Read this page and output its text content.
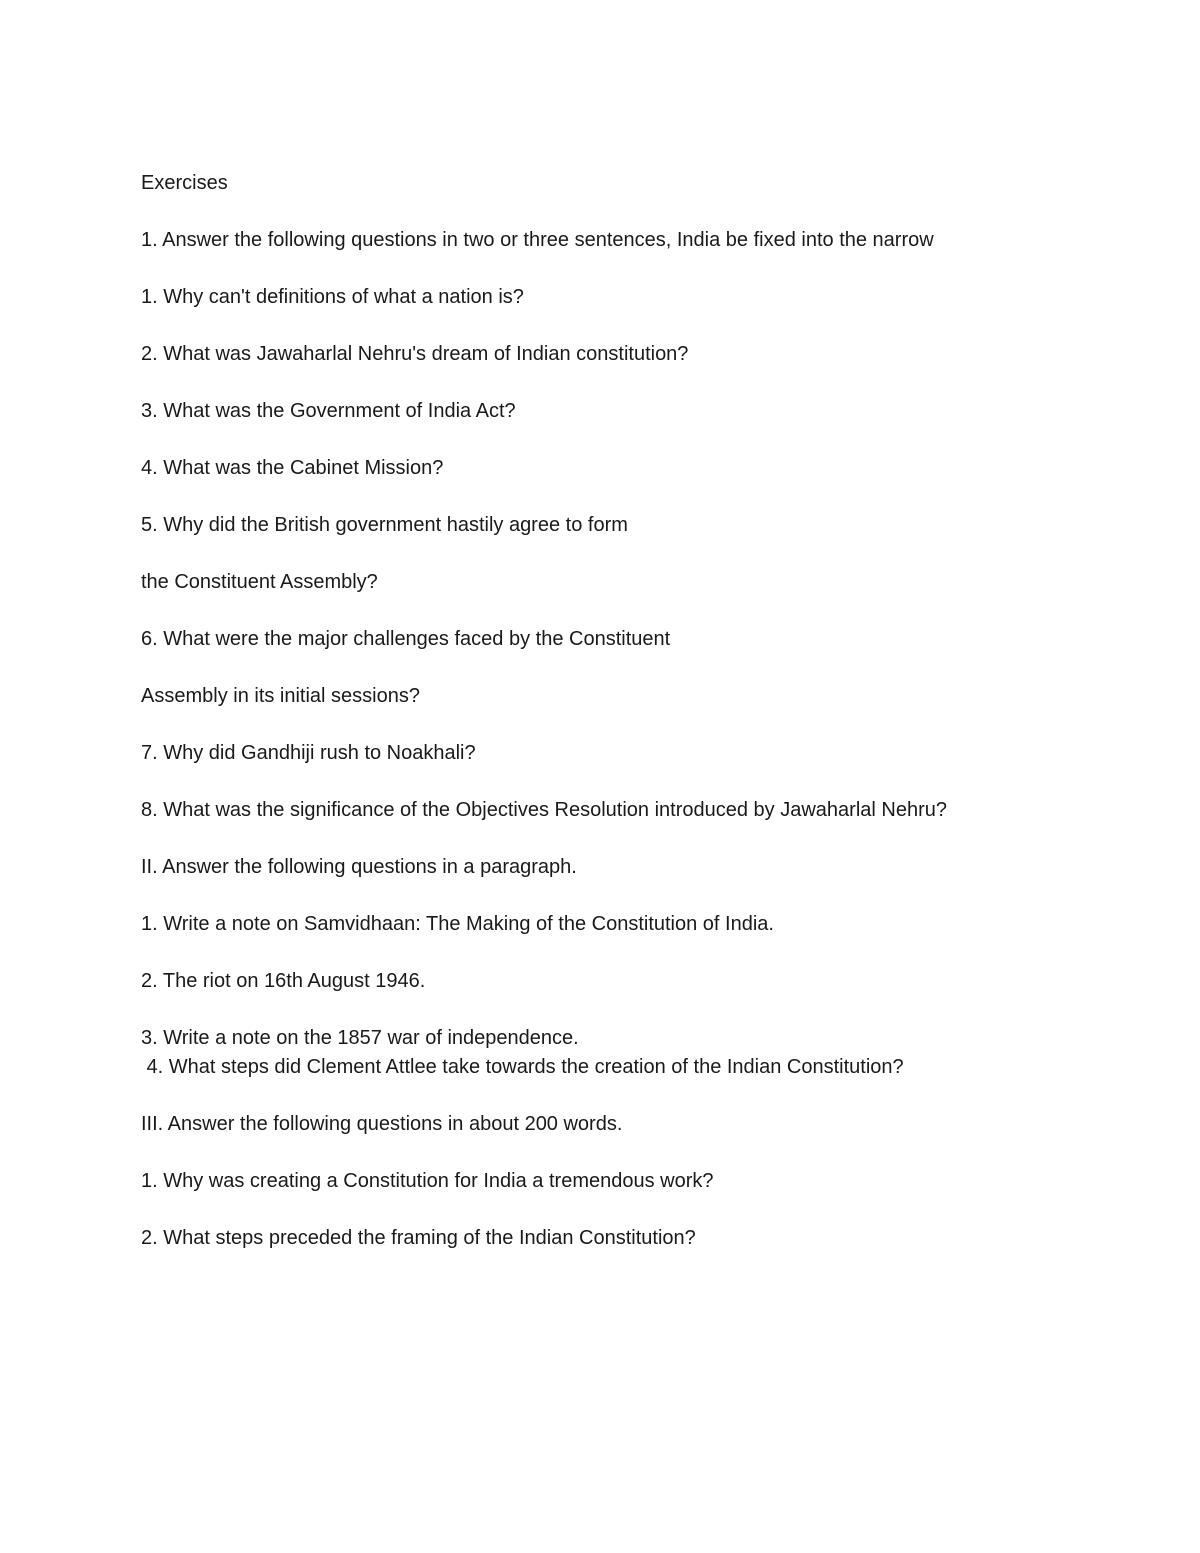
Exercises

1. Answer the following questions in two or three sentences, India be fixed into the narrow

1. Why can't definitions of what a nation is?

2. What was Jawaharlal Nehru's dream of Indian constitution?

3. What was the Government of India Act?

4. What was the Cabinet Mission?

5. Why did the British government hastily agree to form

the Constituent Assembly?

6. What were the major challenges faced by the Constituent

Assembly in its initial sessions?

7. Why did Gandhiji rush to Noakhali?

8. What was the significance of the Objectives Resolution introduced by Jawaharlal Nehru?

II. Answer the following questions in a paragraph.

1. Write a note on Samvidhaan: The Making of the Constitution of India.

2. The riot on 16th August 1946.

3. Write a note on the 1857 war of independence.

4. What steps did Clement Attlee take towards the creation of the Indian Constitution?

III. Answer the following questions in about 200 words.

1. Why was creating a Constitution for India a tremendous work?

2. What steps preceded the framing of the Indian Constitution?
